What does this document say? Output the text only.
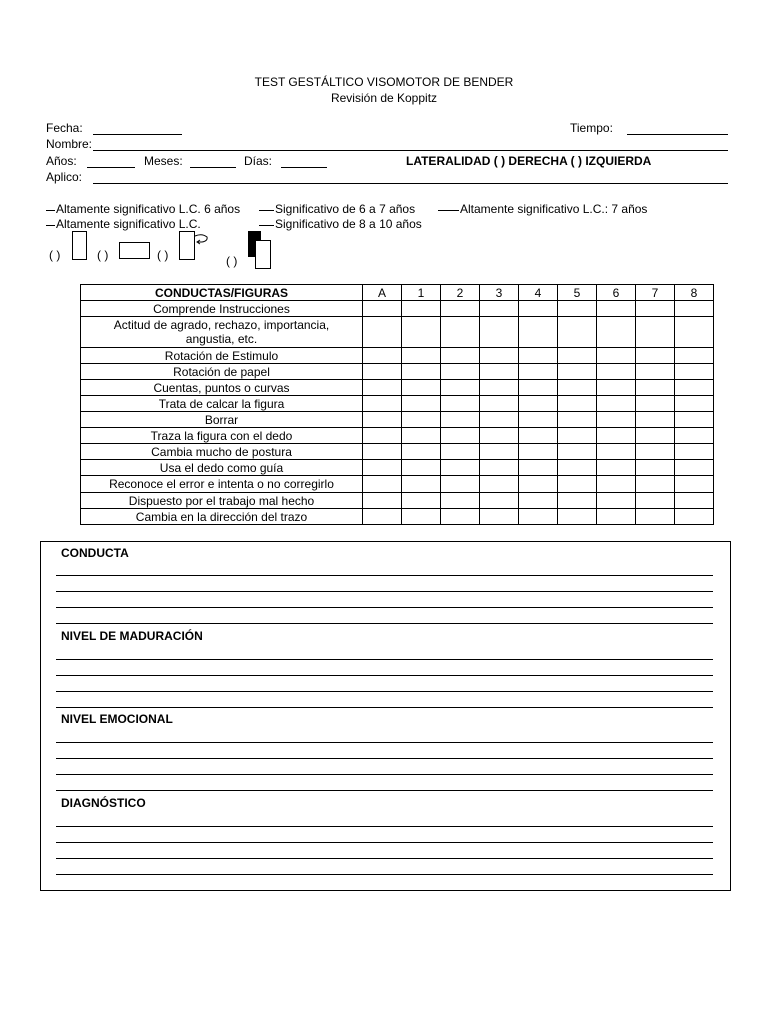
TEST GESTÁLTICO VISOMOTOR DE BENDER
Revisión de Koppitz
Fecha:	Tiempo:
Nombre:
Años:	Meses:	Días:	LATERALIDAD ( ) DERECHA ( ) IZQUIERDA
Aplico:
Altamente significativo L.C. 6 años	Significativo de 6 a 7 años	Altamente significativo L.C.: 7 años
Altamente significativo L.C.	Significativo de 8 a 10 años
( )	( )	( )	( )
CONDUCTAS/FIGURAS	A	1	2	3	4	5	6	7	8
Comprende Instrucciones									
Actitud de agrado, rechazo, importancia, angustia, etc.									
Rotación de Estimulo									
Rotación de papel									
Cuentas, puntos o curvas									
Trata de calcar la figura									
Borrar									
Traza la figura con el dedo									
Cambia mucho de postura									
Usa el dedo como guía									
Reconoce el error e intenta o no corregirlo									
Dispuesto por el trabajo mal hecho									
Cambia en la dirección del trazo									
CONDUCTA
NIVEL DE MADURACIÓN
NIVEL EMOCIONAL
DIAGNÓSTICO
